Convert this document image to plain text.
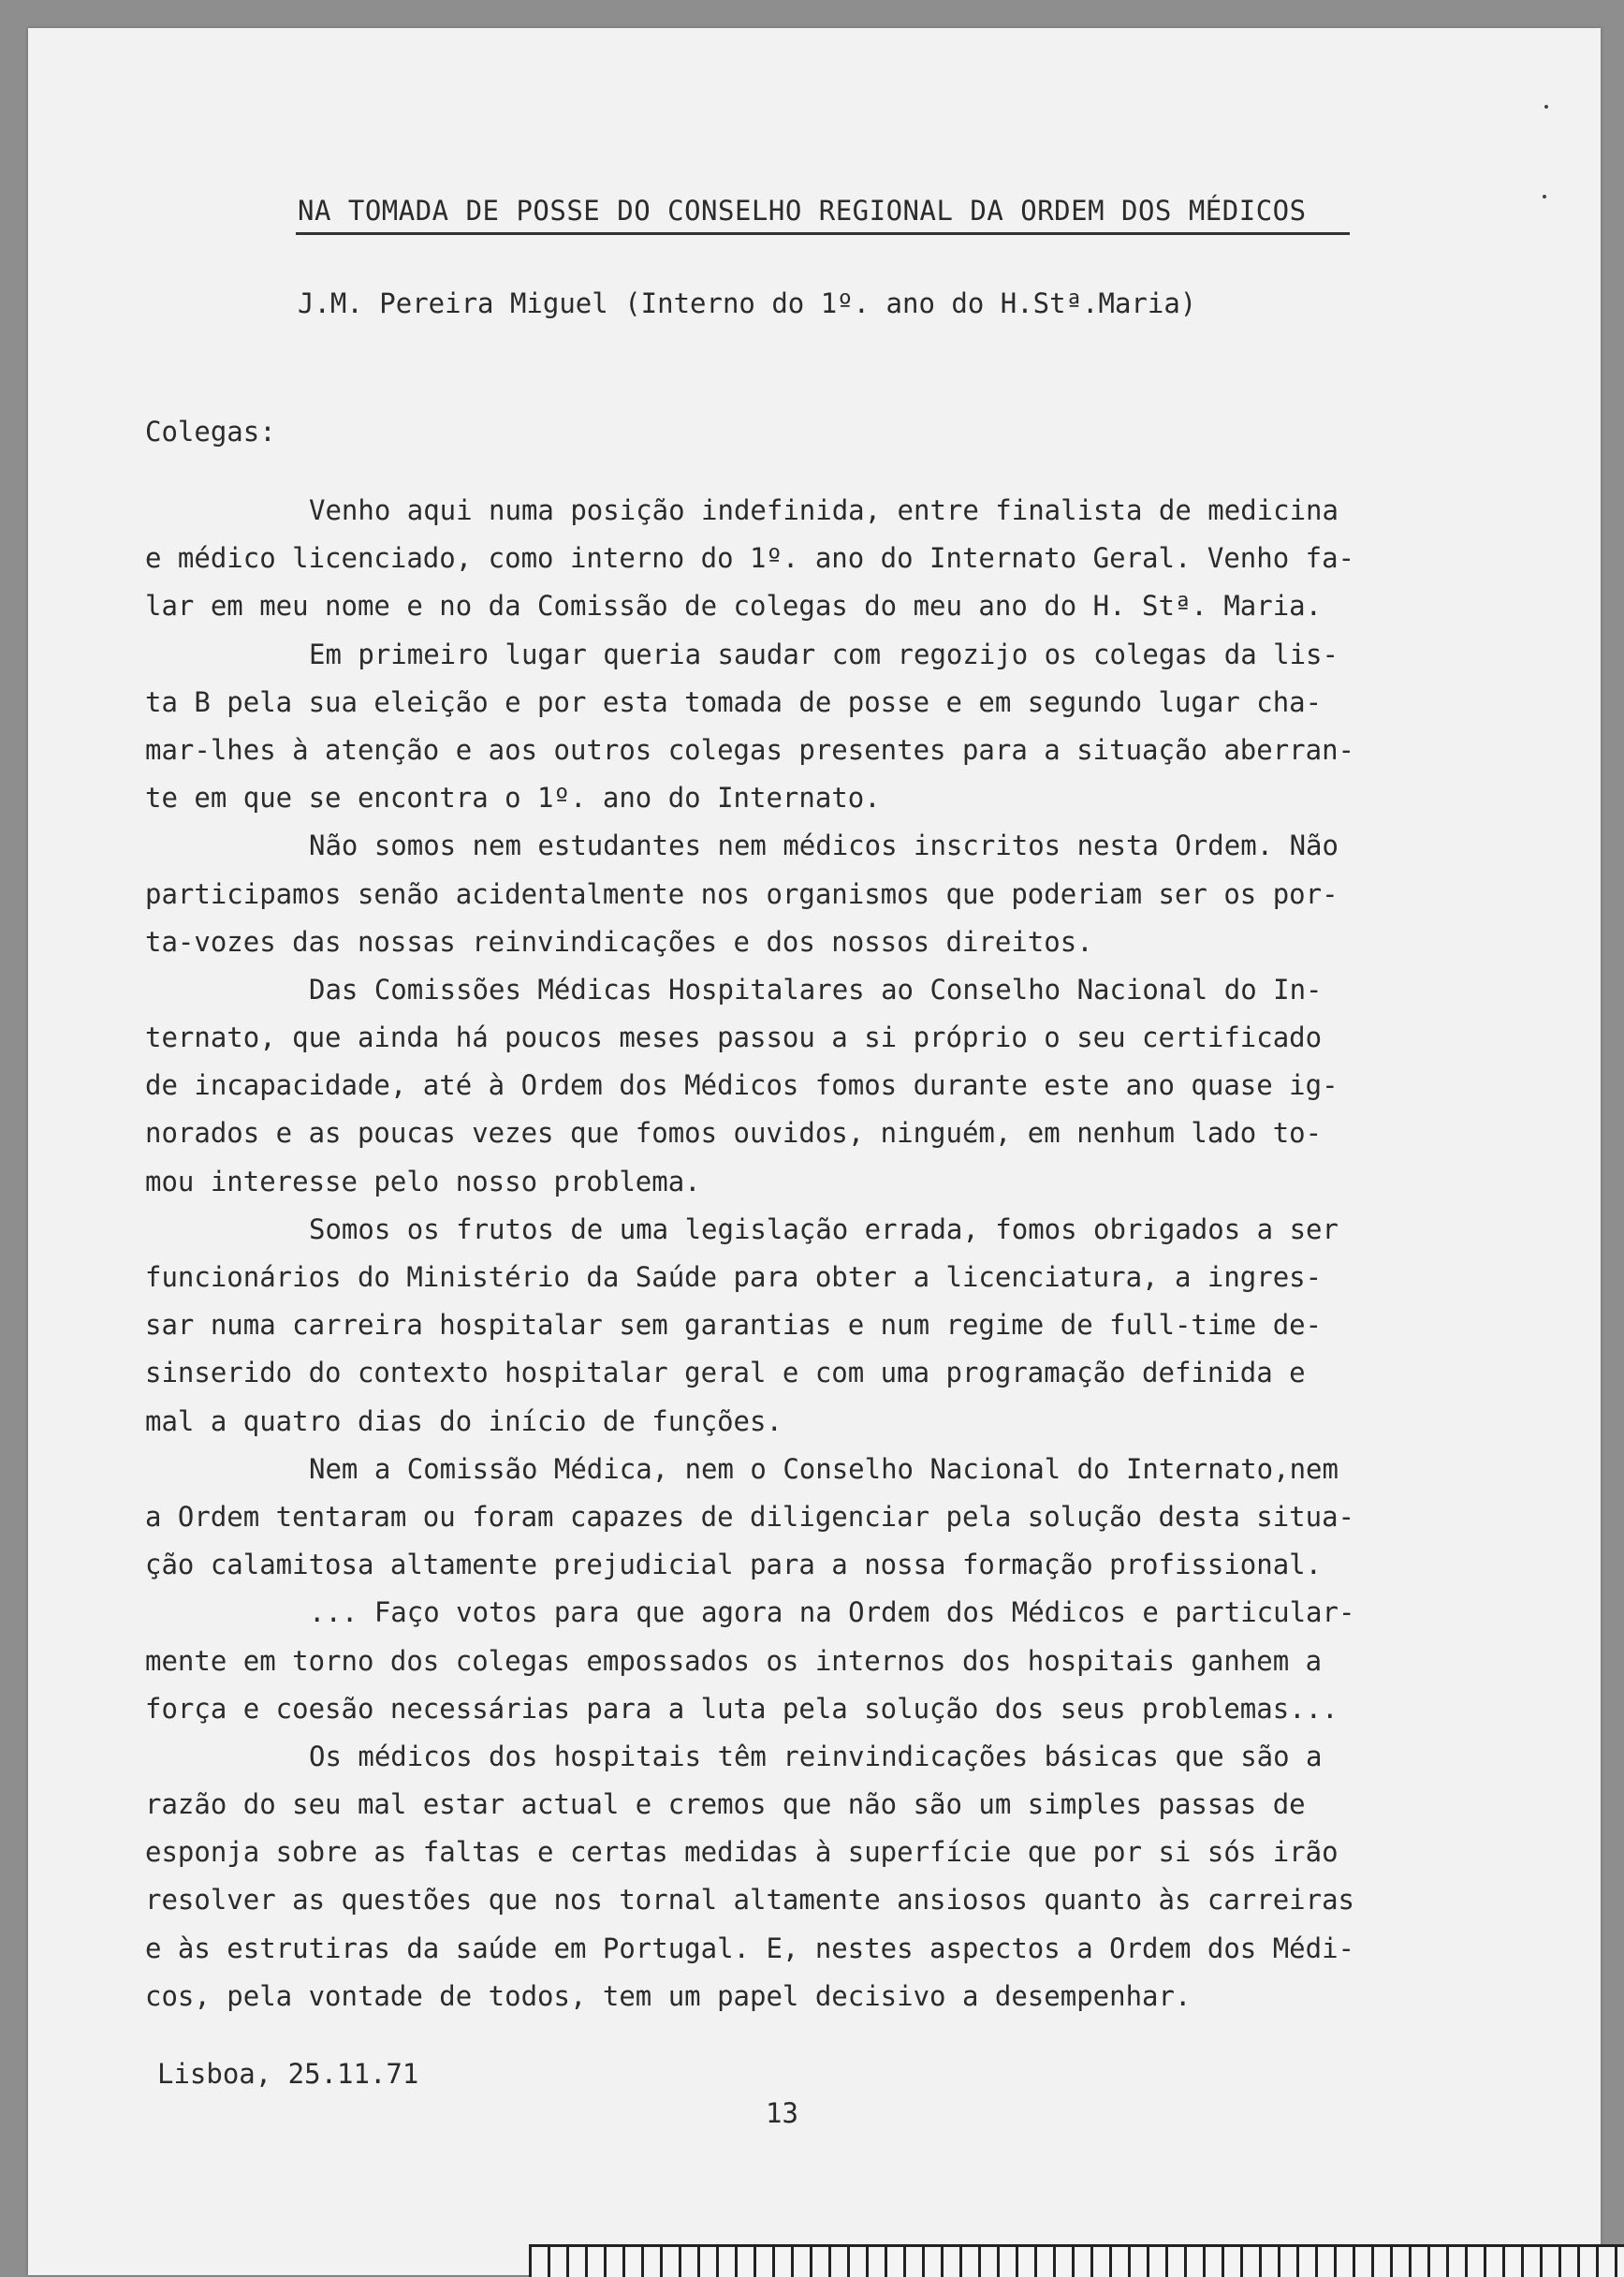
NA TOMADA DE POSSE DO CONSELHO REGIONAL DA ORDEM DOS MÉDICOS
J.M. Pereira Miguel (Interno do 1º. ano do H.Stª.Maria)
Colegas:
Venho aqui numa posição indefinida, entre finalista de medicina
e médico licenciado, como interno do 1º. ano do Internato Geral. Venho fa-
lar em meu nome e no da Comissão de colegas do meu ano do H. Stª. Maria.
Em primeiro lugar queria saudar com regozijo os colegas da lis-
ta B pela sua eleição e por esta tomada de posse e em segundo lugar cha-
mar-lhes à atenção e aos outros colegas presentes para a situação aberran-
te em que se encontra o 1º. ano do Internato.
Não somos nem estudantes nem médicos inscritos nesta Ordem. Não
participamos senão acidentalmente nos organismos que poderiam ser os por-
ta-vozes das nossas reinvindicações e dos nossos direitos.
Das Comissões Médicas Hospitalares ao Conselho Nacional do In-
ternato, que ainda há poucos meses passou a si próprio o seu certificado
de incapacidade, até à Ordem dos Médicos fomos durante este ano quase ig-
norados e as poucas vezes que fomos ouvidos, ninguém, em nenhum lado to-
mou interesse pelo nosso problema.
Somos os frutos de uma legislação errada, fomos obrigados a ser
funcionários do Ministério da Saúde para obter a licenciatura, a ingres-
sar numa carreira hospitalar sem garantias e num regime de full-time de-
sinserido do contexto hospitalar geral e com uma programação definida e
mal a quatro dias do início de funções.
Nem a Comissão Médica, nem o Conselho Nacional do Internato,nem
a Ordem tentaram ou foram capazes de diligenciar pela solução desta situa-
ção calamitosa altamente prejudicial para a nossa formação profissional.
... Faço votos para que agora na Ordem dos Médicos e particular-
mente em torno dos colegas empossados os internos dos hospitais ganhem a
força e coesão necessárias para a luta pela solução dos seus problemas...
Os médicos dos hospitais têm reinvindicações básicas que são a
razão do seu mal estar actual e cremos que não são um simples passas de
esponja sobre as faltas e certas medidas à superfície que por si sós irão
resolver as questões que nos tornal altamente ansiosos quanto às carreiras
e às estrutiras da saúde em Portugal. E, nestes aspectos a Ordem dos Médi-
cos, pela vontade de todos, tem um papel decisivo a desempenhar.
Lisboa, 25.11.71
13
